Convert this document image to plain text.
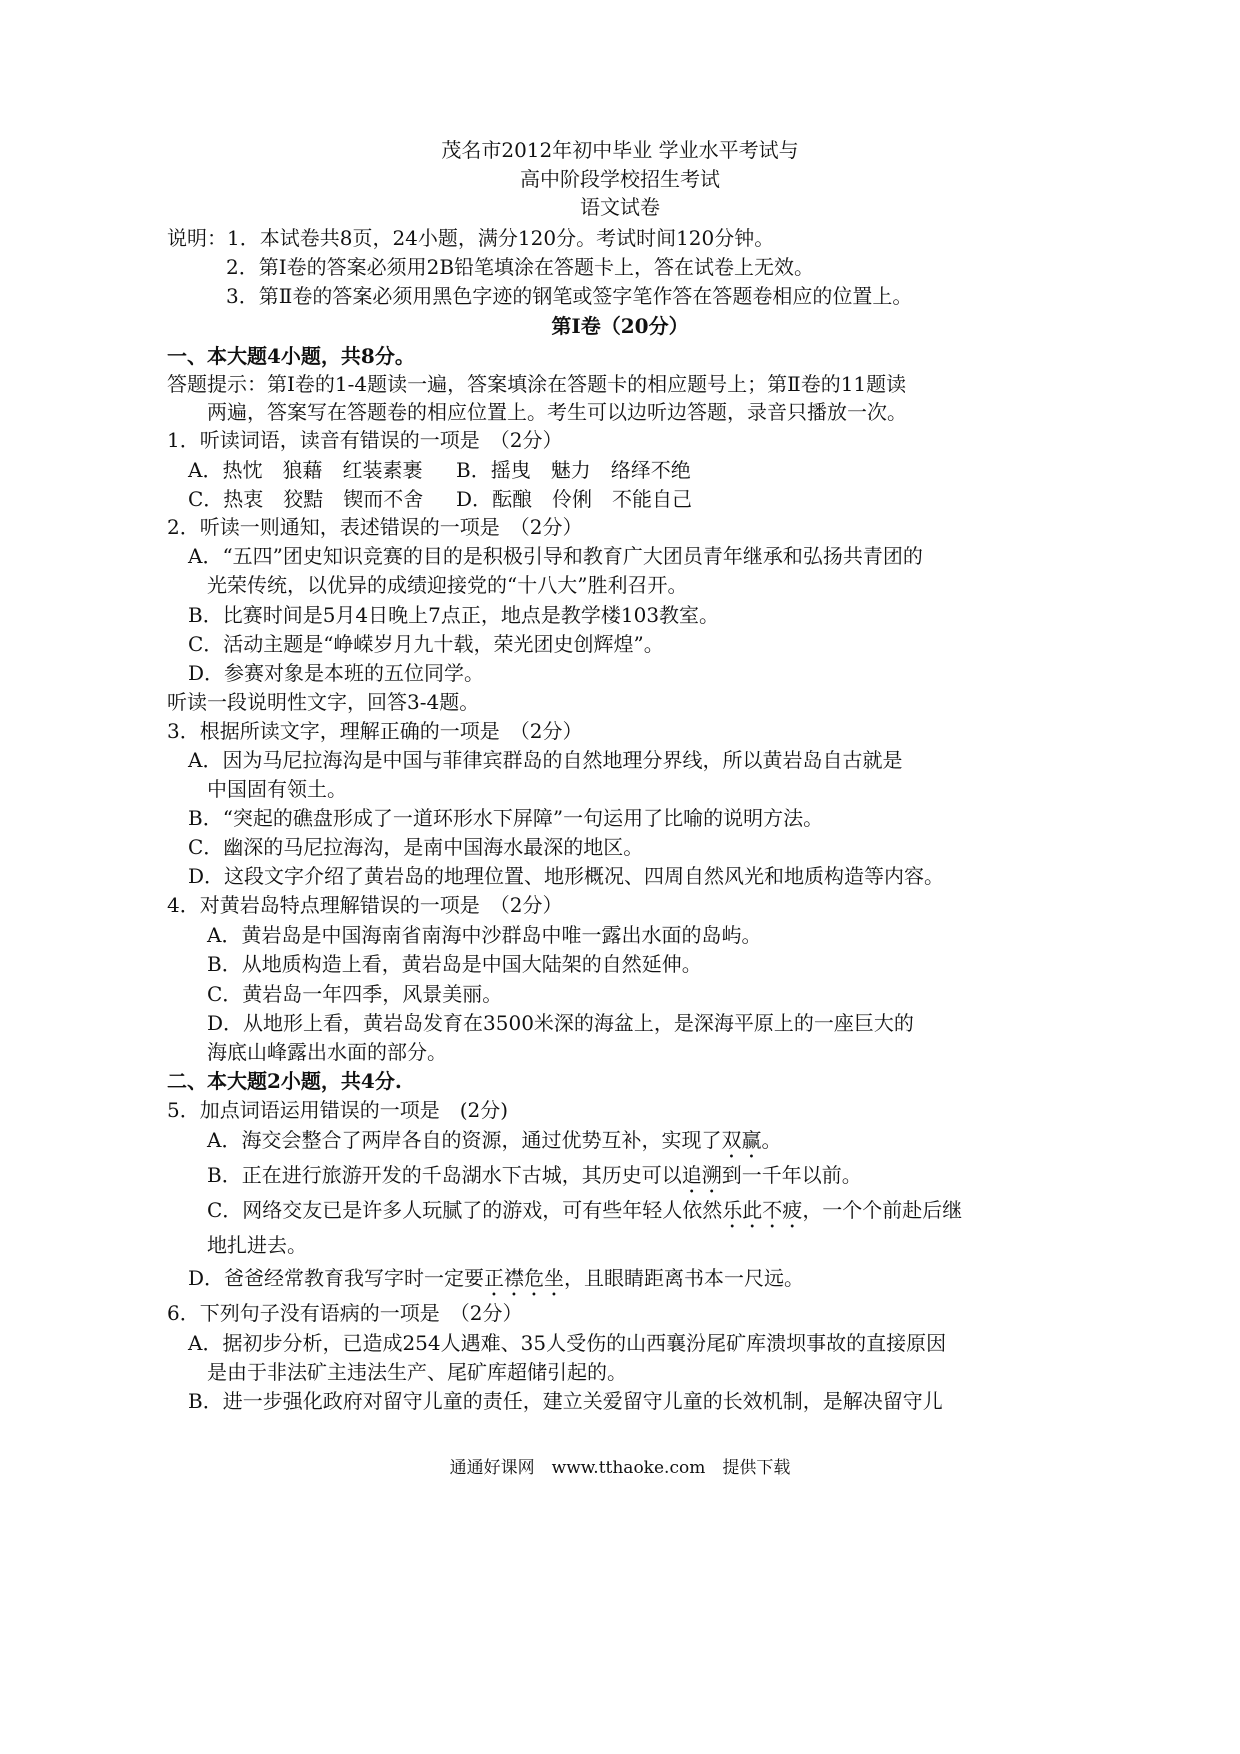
茂名市2012年初中毕业 学业水平考试与
高中阶段学校招生考试
语文试卷
说明：1．本试卷共8页，24小题，满分120分。考试时间120分钟。
2．第Ⅰ卷的答案必须用2B铅笔填涂在答题卡上，答在试卷上无效。
3．第Ⅱ卷的答案必须用黑色字迹的钢笔或签字笔作答在答题卷相应的位置上。
第Ⅰ卷（20分）
一、本大题4小题，共8分。
答题提示：第Ⅰ卷的1-4题读一遍，答案填涂在答题卡的相应题号上；第Ⅱ卷的11题读
两遍，答案写在答题卷的相应位置上。考生可以边听边答题，录音只播放一次。
1．听读词语，读音有错误的一项是　（2分）
A．热忱　狼藉　红装素裹 B．摇曳　魅力　络绎不绝
C．热衷　狡黠　锲而不舍 D．酝酿　伶俐　不能自己
2．听读一则通知，表述错误的一项是　（2分）
A．“五四”团史知识竞赛的目的是积极引导和教育广大团员青年继承和弘扬共青团的
光荣传统，以优异的成绩迎接党的“十八大”胜利召开。
B．比赛时间是5月4日晚上7点正，地点是教学楼103教室。
C．活动主题是“峥嵘岁月九十载，荣光团史创辉煌”。
D．参赛对象是本班的五位同学。
听读一段说明性文字，回答3-4题。
3．根据所读文字，理解正确的一项是　（2分）
A．因为马尼拉海沟是中国与菲律宾群岛的自然地理分界线，所以黄岩岛自古就是
中国固有领土。
B．“突起的礁盘形成了一道环形水下屏障”一句运用了比喻的说明方法。
C．幽深的马尼拉海沟，是南中国海水最深的地区。
D．这段文字介绍了黄岩岛的地理位置、地形概况、四周自然风光和地质构造等内容。
4．对黄岩岛特点理解错误的一项是　（2分）
A．黄岩岛是中国海南省南海中沙群岛中唯一露出水面的岛屿。
B．从地质构造上看，黄岩岛是中国大陆架的自然延伸。
C．黄岩岛一年四季，风景美丽。
D．从地形上看，黄岩岛发育在3500米深的海盆上，是深海平原上的一座巨大的
海底山峰露出水面的部分。
二、本大题2小题，共4分.
5．加点词语运用错误的一项是　(2分)
A．海交会整合了两岸各自的资源，通过优势互补，实现了双赢。
B．正在进行旅游开发的千岛湖水下古城，其历史可以追溯到一千年以前。
C．网络交友已是许多人玩腻了的游戏，可有些年轻人依然乐此不疲，一个个前赴后继
地扎进去。
D．爸爸经常教育我写字时一定要正襟危坐，且眼睛距离书本一尺远。
6．下列句子没有语病的一项是　（2分）
A．据初步分析，已造成254人遇难、35人受伤的山西襄汾尾矿库溃坝事故的直接原因
是由于非法矿主违法生产、尾矿库超储引起的。
B．进一步强化政府对留守儿童的责任，建立关爱留守儿童的长效机制，是解决留守儿
通通好课网　www.tthaoke.com　提供下载
